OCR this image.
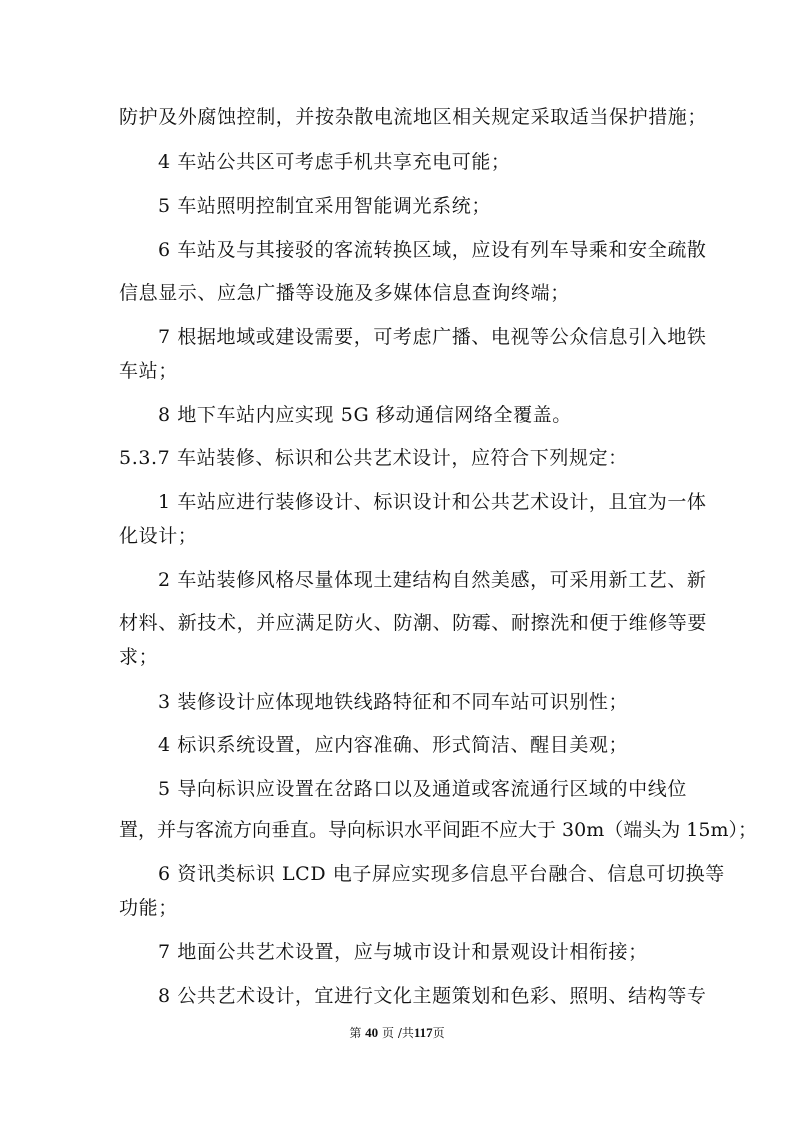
防护及外腐蚀控制，并按杂散电流地区相关规定采取适当保护措施；
4 车站公共区可考虑手机共享充电可能；
5 车站照明控制宜采用智能调光系统；
6 车站及与其接驳的客流转换区域，应设有列车导乘和安全疏散
信息显示、应急广播等设施及多媒体信息查询终端；
7 根据地域或建设需要，可考虑广播、电视等公众信息引入地铁
车站；
8 地下车站内应实现 5G 移动通信网络全覆盖。
5.3.7 车站装修、标识和公共艺术设计，应符合下列规定：
1 车站应进行装修设计、标识设计和公共艺术设计，且宜为一体
化设计；
2 车站装修风格尽量体现土建结构自然美感，可采用新工艺、新
材料、新技术，并应满足防火、防潮、防霉、耐擦洗和便于维修等要
求；
3 装修设计应体现地铁线路特征和不同车站可识别性；
4 标识系统设置，应内容准确、形式简洁、醒目美观；
5 导向标识应设置在岔路口以及通道或客流通行区域的中线位
置，并与客流方向垂直。导向标识水平间距不应大于 30m（端头为 15m）；
6 资讯类标识 LCD 电子屏应实现多信息平台融合、信息可切换等
功能；
7 地面公共艺术设置，应与城市设计和景观设计相衔接；
8 公共艺术设计，宜进行文化主题策划和色彩、照明、结构等专
第 40 页 /共117页
